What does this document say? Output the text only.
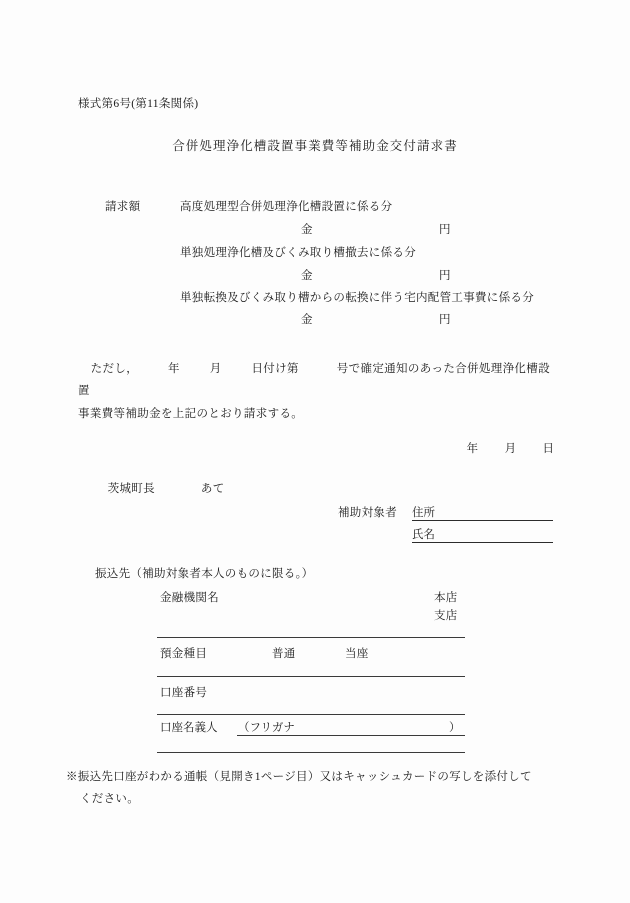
様式第6号(第11条関係)
合併処理浄化槽設置事業費等補助金交付請求書
請求額	高度処理型合併処理浄化槽設置に係る分
金	円
単独処理浄化槽及びくみ取り槽撤去に係る分
金	円
単独転換及びくみ取り槽からの転換に伴う宅内配管工事費に係る分
金	円
ただし，	年	月	日付け第	号で確定通知のあった合併処理浄化槽設置
事業費等補助金を上記のとおり請求する。

年 月 日

茨城町長	あて

補助対象者 住所
氏名
振込先（補助対象者本人のものに限る。）
金融機関名	本店
支店
預金種目	普通	当座
口座番号
口座名義人 （フリガナ	）
※振込先口座がわかる通帳（見開き1ページ目）又はキャッシュカードの写しを添付して
ください。
